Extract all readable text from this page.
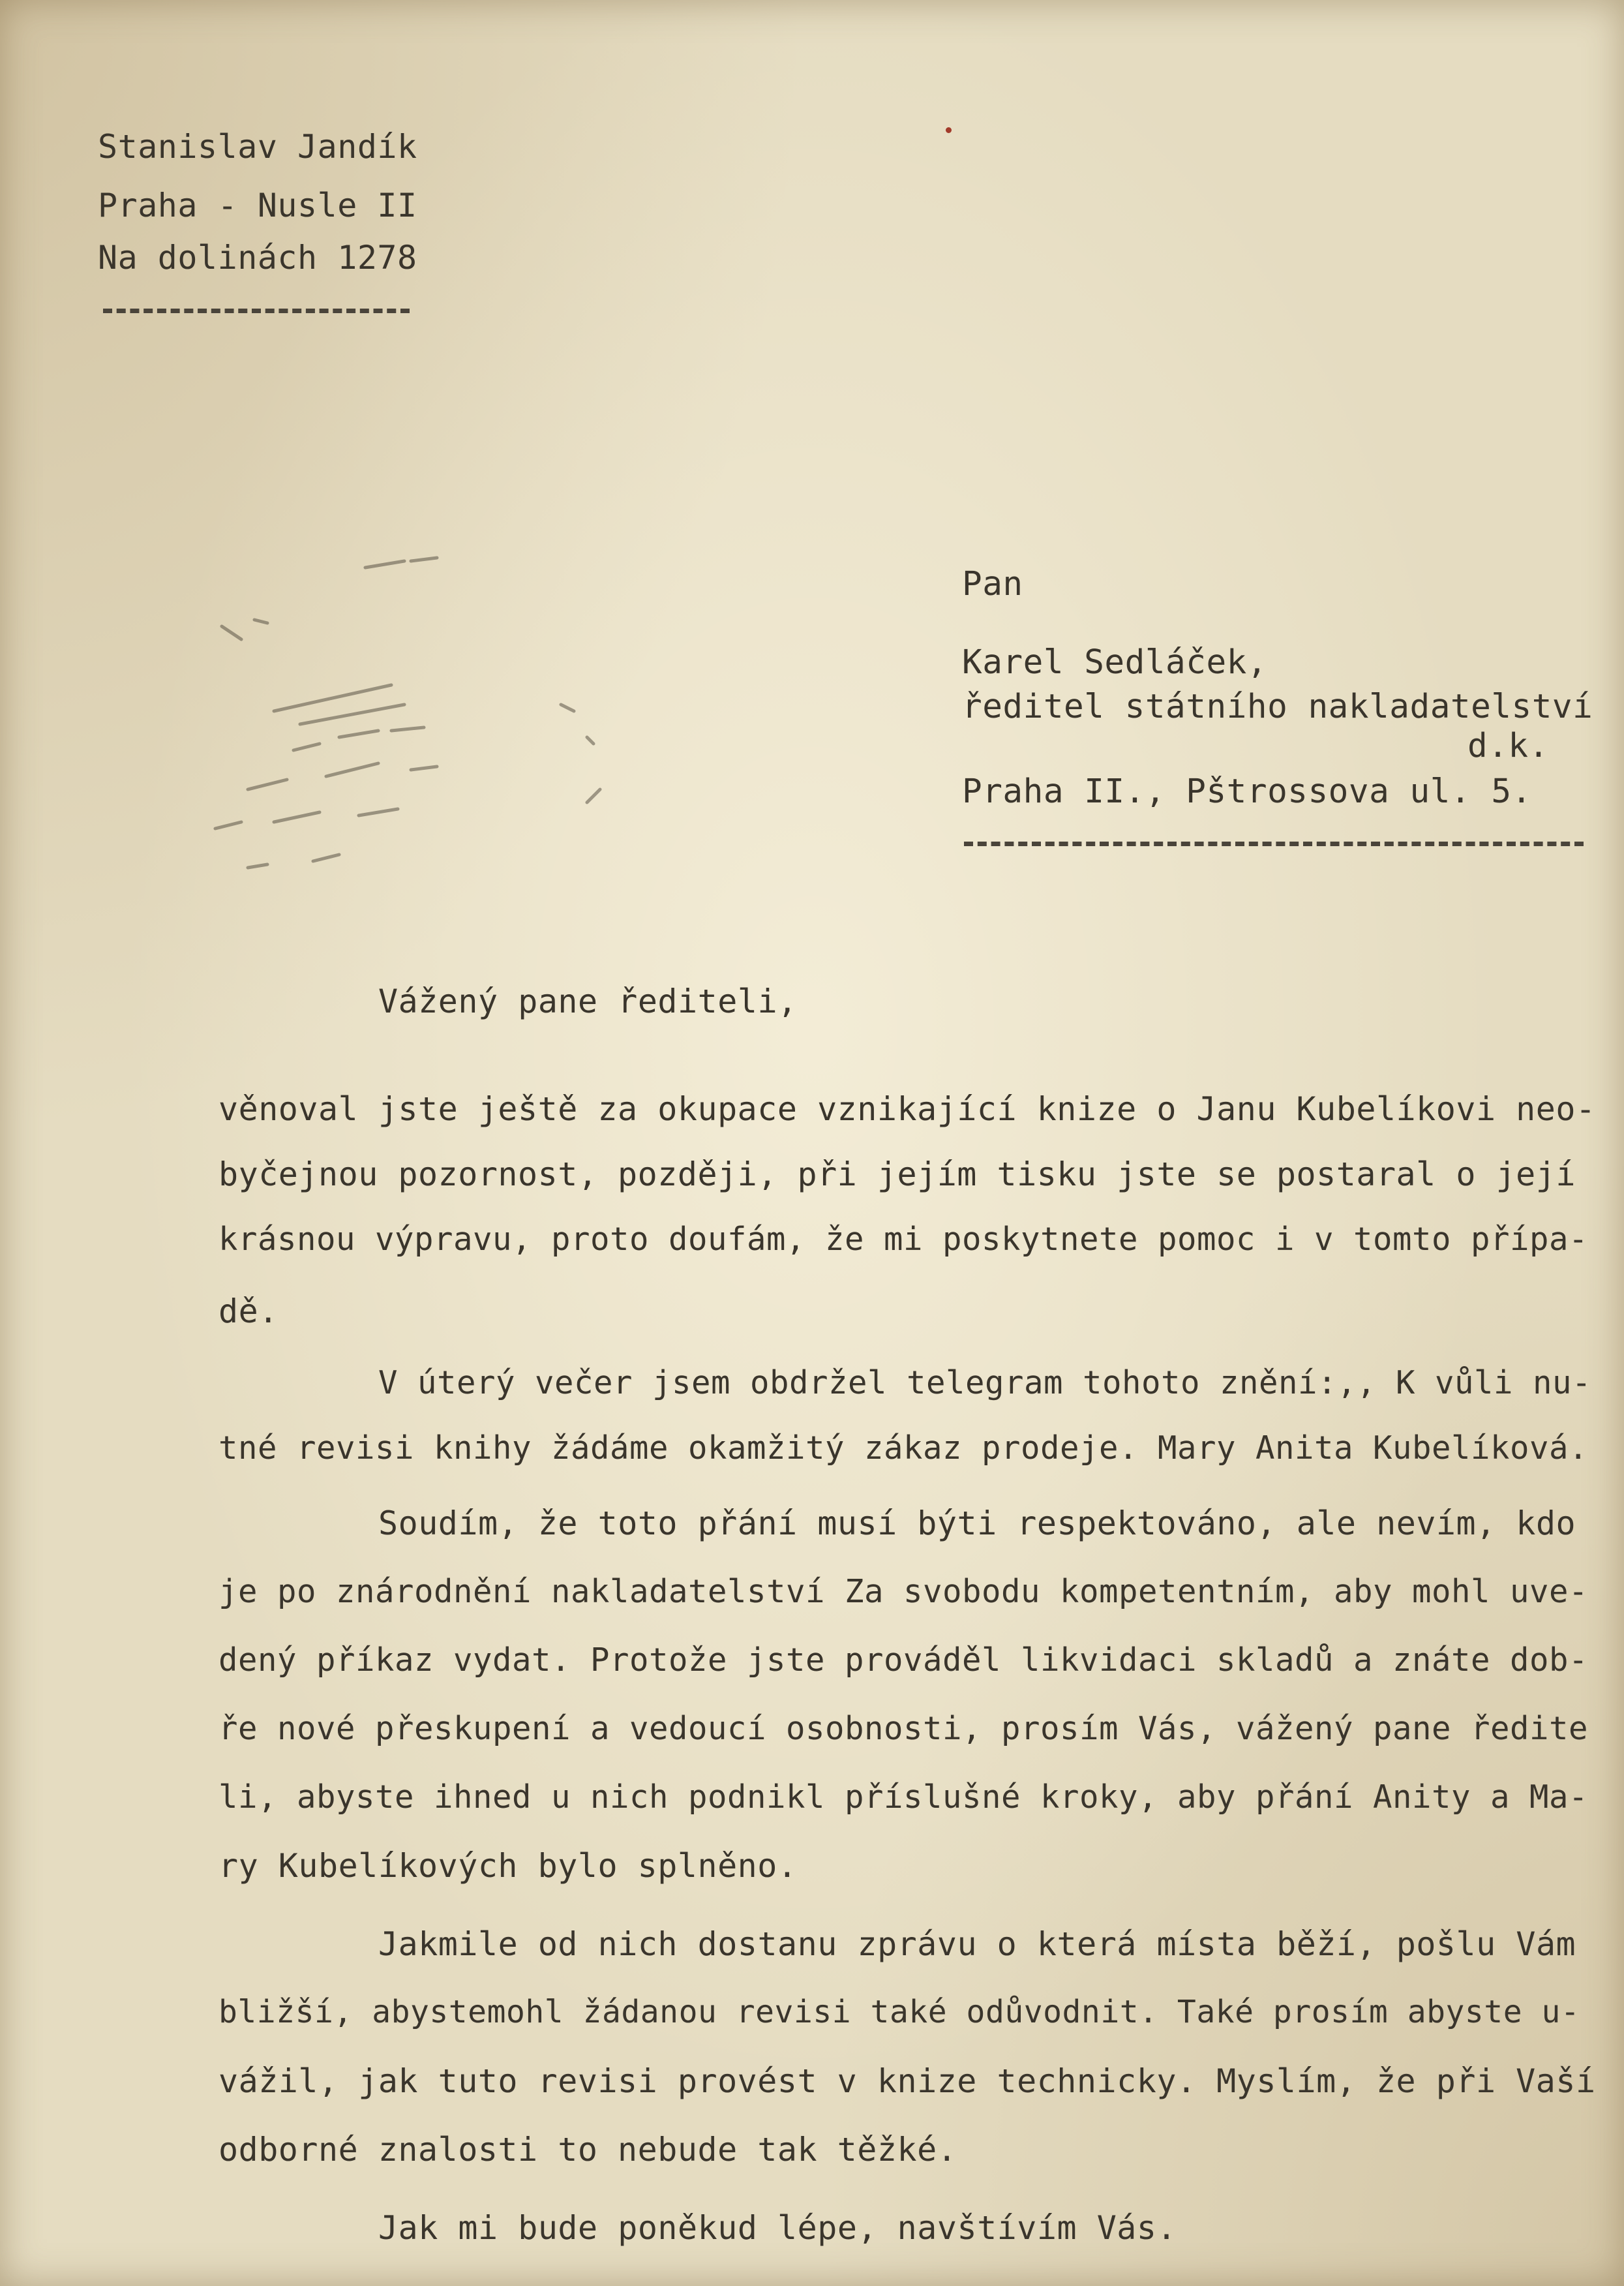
Stanislav Jandík

Praha - Nusle II

Na dolinách 1278

Pan

Karel Sedláček,

ředitel státního nakladatelství

d.k.

Praha II., Pštrossova ul. 5.

Vážený pane řediteli,

věnoval jste ještě za okupace vznikající knize o Janu Kubelíkovi neo-

byčejnou pozornost, později, při jejím tisku jste se postaral o její

krásnou výpravu, proto doufám, že mi poskytnete pomoc i v tomto přípa-

dě.

V úterý večer jsem obdržel telegram tohoto znění:,, K vůli nu-

tné revisi knihy žádáme okamžitý zákaz prodeje. Mary Anita Kubelíková.

Soudím, že toto přání musí býti respektováno, ale nevím, kdo

je po znárodnění nakladatelství Za svobodu kompetentním, aby mohl uve-

dený příkaz vydat. Protože jste prováděl likvidaci skladů a znáte dob-

ře nové přeskupení a vedoucí osobnosti, prosím Vás, vážený pane ředite

li, abyste ihned u nich podnikl příslušné kroky, aby přání Anity a Ma-

ry Kubelíkových bylo splněno.

Jakmile od nich dostanu zprávu o která místa běží, pošlu Vám

bližší, abystemohl žádanou revisi také odůvodnit. Také prosím abyste u-

vážil, jak tuto revisi provést v knize technicky. Myslím, že při Vaší

odborné znalosti to nebude tak těžké.

Jak mi bude poněkud lépe, navštívím Vás.
